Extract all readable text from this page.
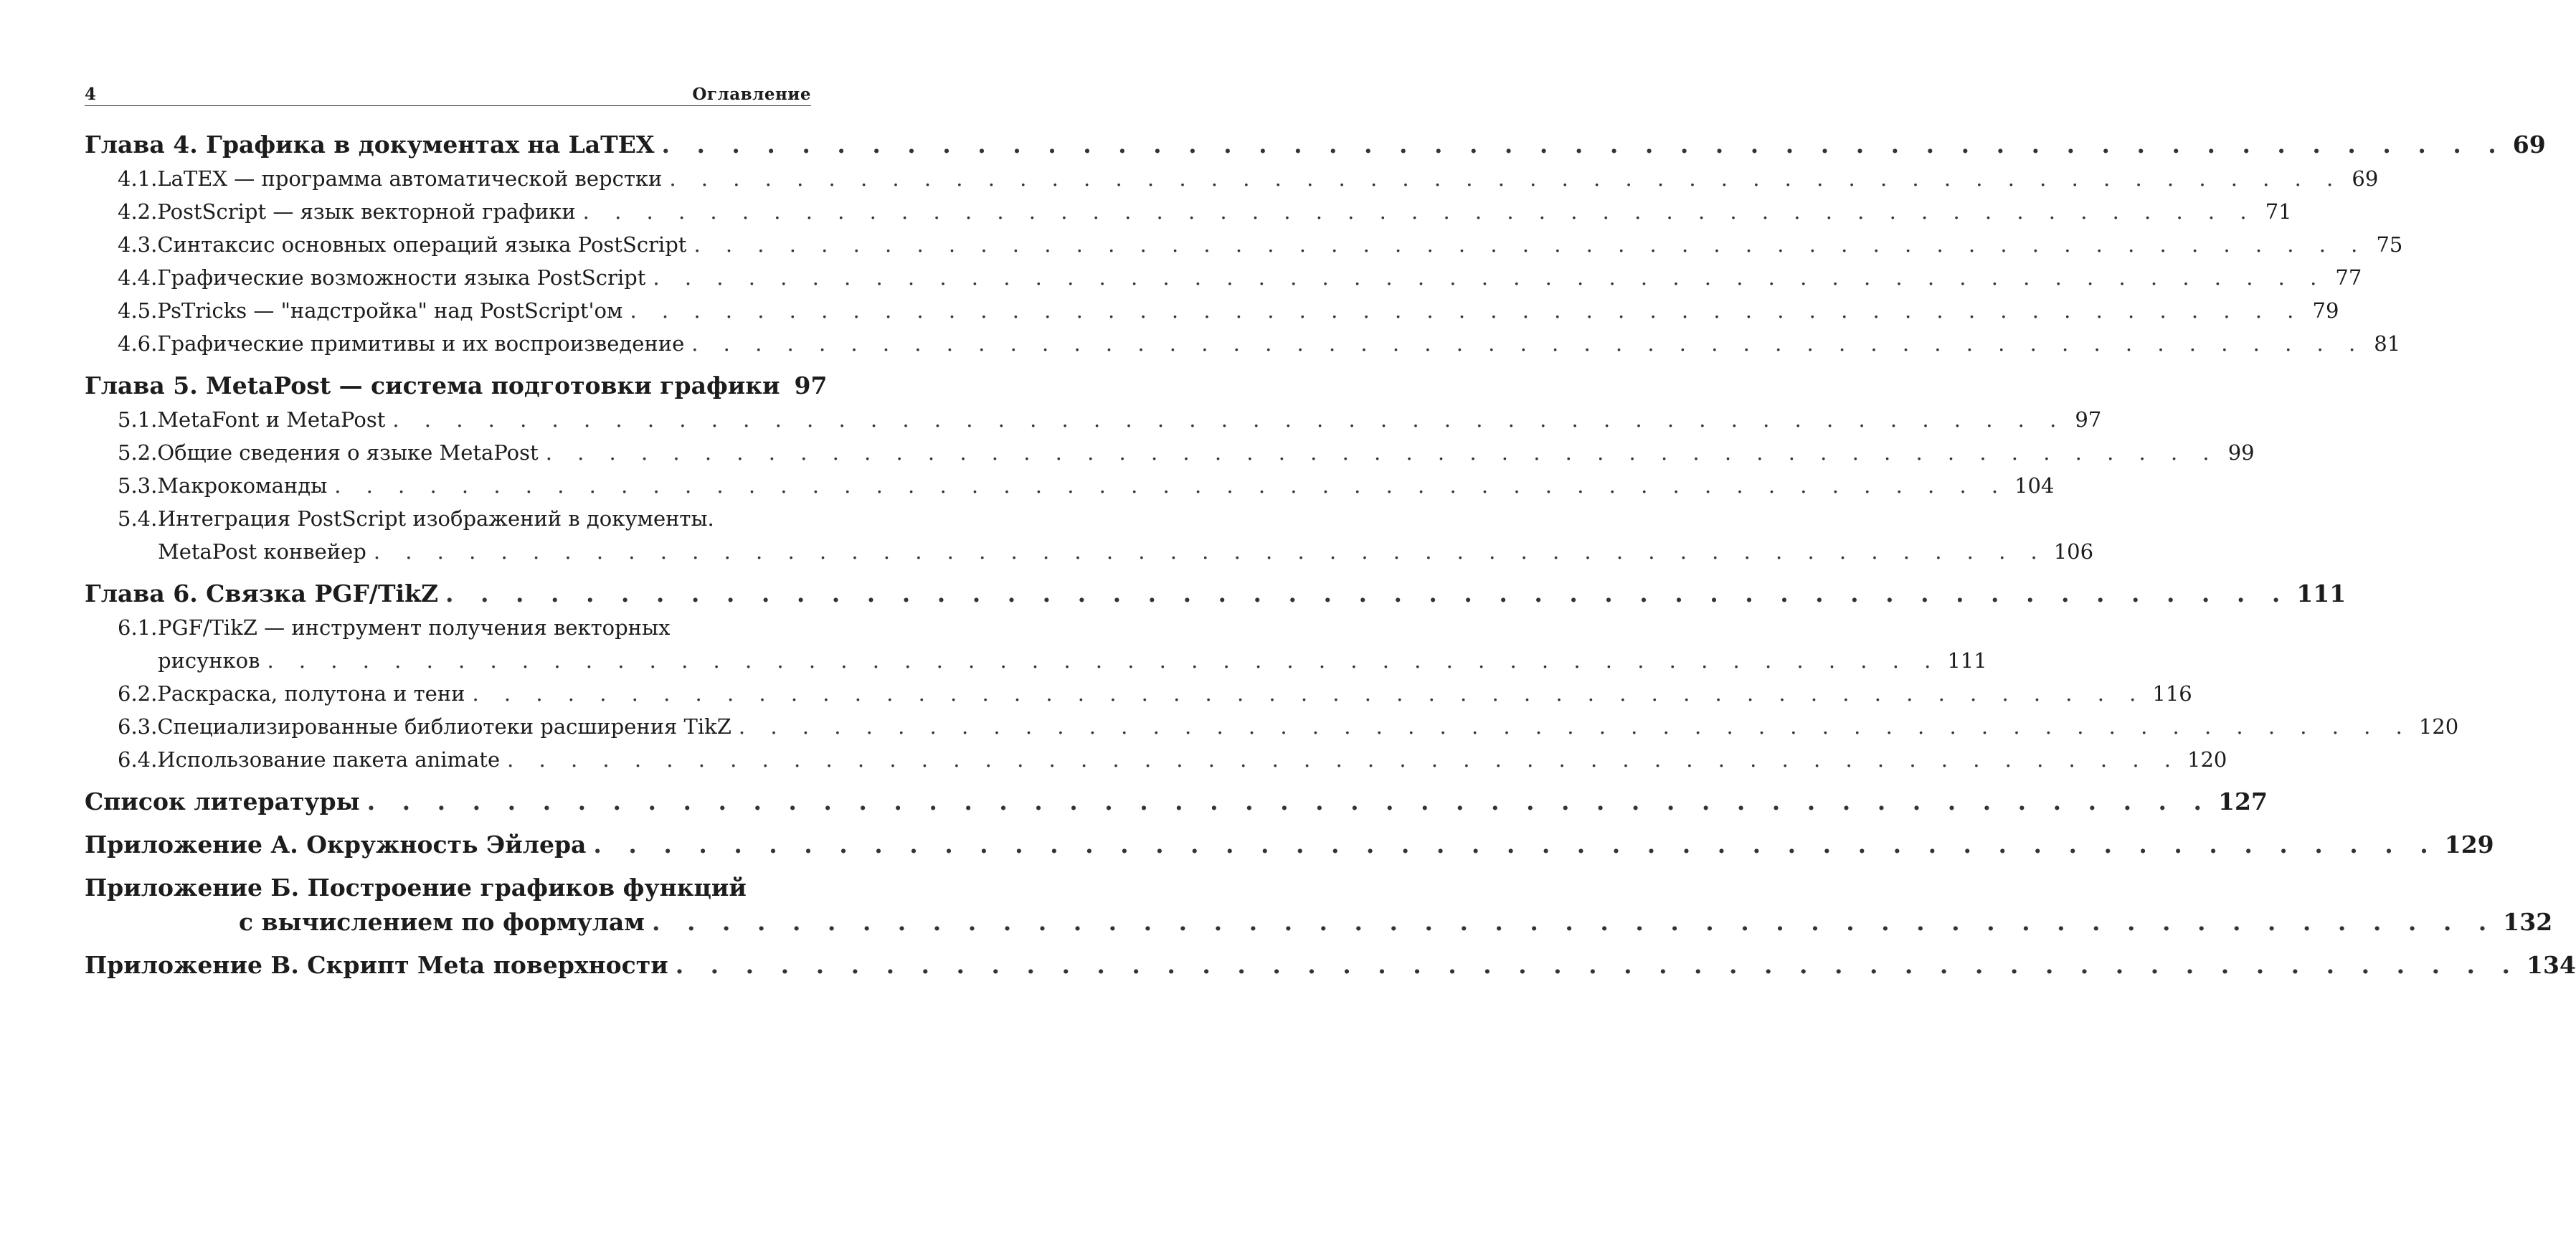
4	Оглавление
Глава 4. Графика в документах на LaTEX . . . . . . . . . . . . . . . . . . . . . . . . . . . . . . . . . . . . . . . . . . . . . . . . . . . . . 69
4.1. LaTEX — программа автоматической верстки . . . . . . . . . . . . . . . . . . . . . . . . . . . . . . . . . . . . . . . . . . . . . . . . . . . . . 69
4.2. PostScript — язык векторной графики . . . . . . . . . . . . . . . . . . . . . . . . . . . . . . . . . . . . . . . . . . . . . . . . . . . . . 71
4.3. Синтаксис основных операций языка PostScript . . . . . . . . . . . . . . . . . . . . . . . . . . . . . . . . . . . . . . . . . . . . . . . . . . . . . 75
4.4. Графические возможности языка PostScript . . . . . . . . . . . . . . . . . . . . . . . . . . . . . . . . . . . . . . . . . . . . . . . . . . . . . 77
4.5. PsTricks — "надстройка" над PostScript'ом . . . . . . . . . . . . . . . . . . . . . . . . . . . . . . . . . . . . . . . . . . . . . . . . . . . . . 79
4.6. Графические примитивы и их воспроизведение . . . . . . . . . . . . . . . . . . . . . . . . . . . . . . . . . . . . . . . . . . . . . . . . . . . . . 81
Глава 5. MetaPost — система подготовки графики 97
5.1. MetaFont и MetaPost . . . . . . . . . . . . . . . . . . . . . . . . . . . . . . . . . . . . . . . . . . . . . . . . . . . . . 97
5.2. Общие сведения о языке MetaPost . . . . . . . . . . . . . . . . . . . . . . . . . . . . . . . . . . . . . . . . . . . . . . . . . . . . . 99
5.3. Макрокоманды . . . . . . . . . . . . . . . . . . . . . . . . . . . . . . . . . . . . . . . . . . . . . . . . . . . . . 104
5.4. Интеграция PostScript изображений в документы.
MetaPost конвейер . . . . . . . . . . . . . . . . . . . . . . . . . . . . . . . . . . . . . . . . . . . . . . . . . . . . . 106
Глава 6. Связка PGF/TikZ . . . . . . . . . . . . . . . . . . . . . . . . . . . . . . . . . . . . . . . . . . . . . . . . . . . . . 111
6.1. PGF/TikZ — инструмент получения векторных
рисунков . . . . . . . . . . . . . . . . . . . . . . . . . . . . . . . . . . . . . . . . . . . . . . . . . . . . . 111
6.2. Раскраска, полутона и тени . . . . . . . . . . . . . . . . . . . . . . . . . . . . . . . . . . . . . . . . . . . . . . . . . . . . . 116
6.3. Специализированные библиотеки расширения TikZ . . . . . . . . . . . . . . . . . . . . . . . . . . . . . . . . . . . . . . . . . . . . . . . . . . . . . 120
6.4. Использование пакета animate . . . . . . . . . . . . . . . . . . . . . . . . . . . . . . . . . . . . . . . . . . . . . . . . . . . . . 120
Список литературы . . . . . . . . . . . . . . . . . . . . . . . . . . . . . . . . . . . . . . . . . . . . . . . . . . . . . 127
Приложение А. Окружность Эйлера . . . . . . . . . . . . . . . . . . . . . . . . . . . . . . . . . . . . . . . . . . . . . . . . . . . . . 129
Приложение Б. Построение графиков функций
с вычислением по формулам . . . . . . . . . . . . . . . . . . . . . . . . . . . . . . . . . . . . . . . . . . . . . . . . . . . . . 132
Приложение В. Скрипт Meta поверхности . . . . . . . . . . . . . . . . . . . . . . . . . . . . . . . . . . . . . . . . . . . . . . . . . . . . . 134
